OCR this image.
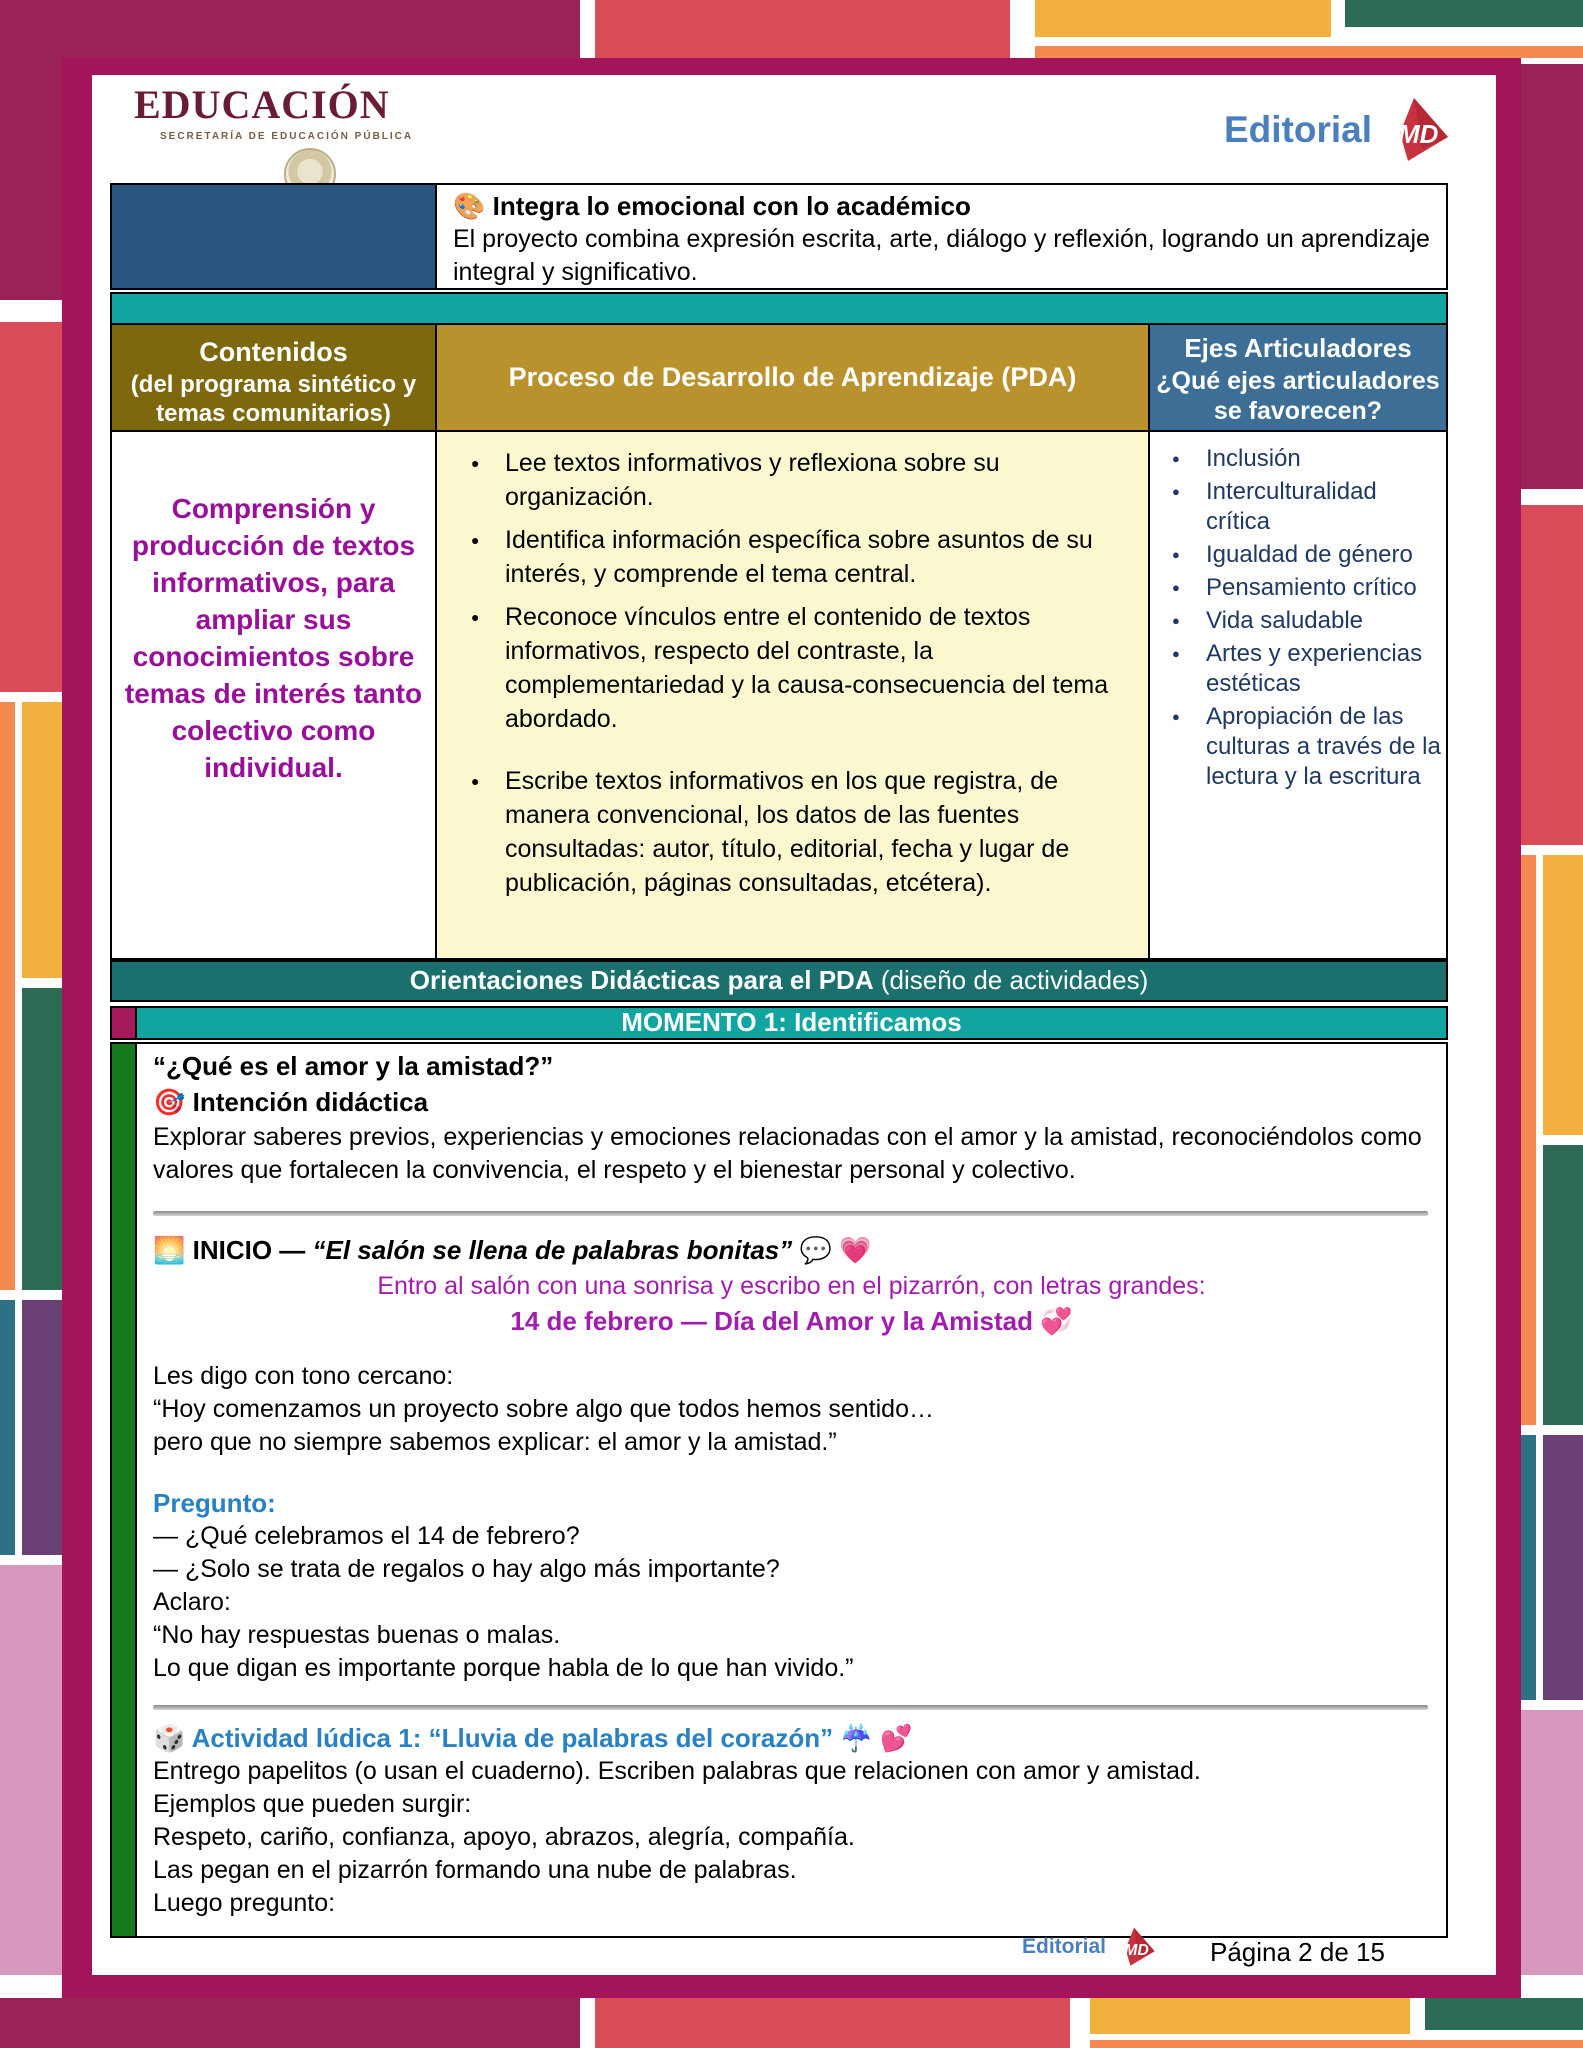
EDUCACIÓN
SECRETARÍA DE EDUCACIÓN PÚBLICA	Editorial MD
🎨 Integra lo emocional con lo académico
El proyecto combina expresión escrita, arte, diálogo y reflexión, logrando un aprendizaje integral y significativo.
Contenidos
(del programa sintético y temas comunitarios)
Proceso de Desarrollo de Aprendizaje (PDA)
Ejes Articuladores
¿Qué ejes articuladores se favorecen?
Comprensión y producción de textos informativos, para ampliar sus conocimientos sobre temas de interés tanto colectivo como individual.
● Lee textos informativos y reflexiona sobre su organización.
● Identifica información específica sobre asuntos de su interés, y comprende el tema central.
● Reconoce vínculos entre el contenido de textos informativos, respecto del contraste, la complementariedad y la causa-consecuencia del tema abordado.
● Escribe textos informativos en los que registra, de manera convencional, los datos de las fuentes consultadas: autor, título, editorial, fecha y lugar de publicación, páginas consultadas, etcétera).
● Inclusión
● Interculturalidad crítica
● Igualdad de género
● Pensamiento crítico
● Vida saludable
● Artes y experiencias estéticas
● Apropiación de las culturas a través de la lectura y la escritura
Orientaciones Didácticas para el PDA (diseño de actividades)
MOMENTO 1: Identificamos
“¿Qué es el amor y la amistad?”
🎯 Intención didáctica
Explorar saberes previos, experiencias y emociones relacionadas con el amor y la amistad, reconociéndolos como valores que fortalecen la convivencia, el respeto y el bienestar personal y colectivo.
🌅 INICIO — “El salón se llena de palabras bonitas” 💬 💗
Entro al salón con una sonrisa y escribo en el pizarrón, con letras grandes:
14 de febrero — Día del Amor y la Amistad 💞
Les digo con tono cercano:
“Hoy comenzamos un proyecto sobre algo que todos hemos sentido…
pero que no siempre sabemos explicar: el amor y la amistad.”
Pregunto:
— ¿Qué celebramos el 14 de febrero?
— ¿Solo se trata de regalos o hay algo más importante?
Aclaro:
“No hay respuestas buenas o malas.
Lo que digan es importante porque habla de lo que han vivido.”
🎲 Actividad lúdica 1: “Lluvia de palabras del corazón” ☔ 💕
Entrego papelitos (o usan el cuaderno). Escriben palabras que relacionen con amor y amistad.
Ejemplos que pueden surgir:
Respeto, cariño, confianza, apoyo, abrazos, alegría, compañía.
Las pegan en el pizarrón formando una nube de palabras.
Luego pregunto:
Editorial MD Página 2 de 15
